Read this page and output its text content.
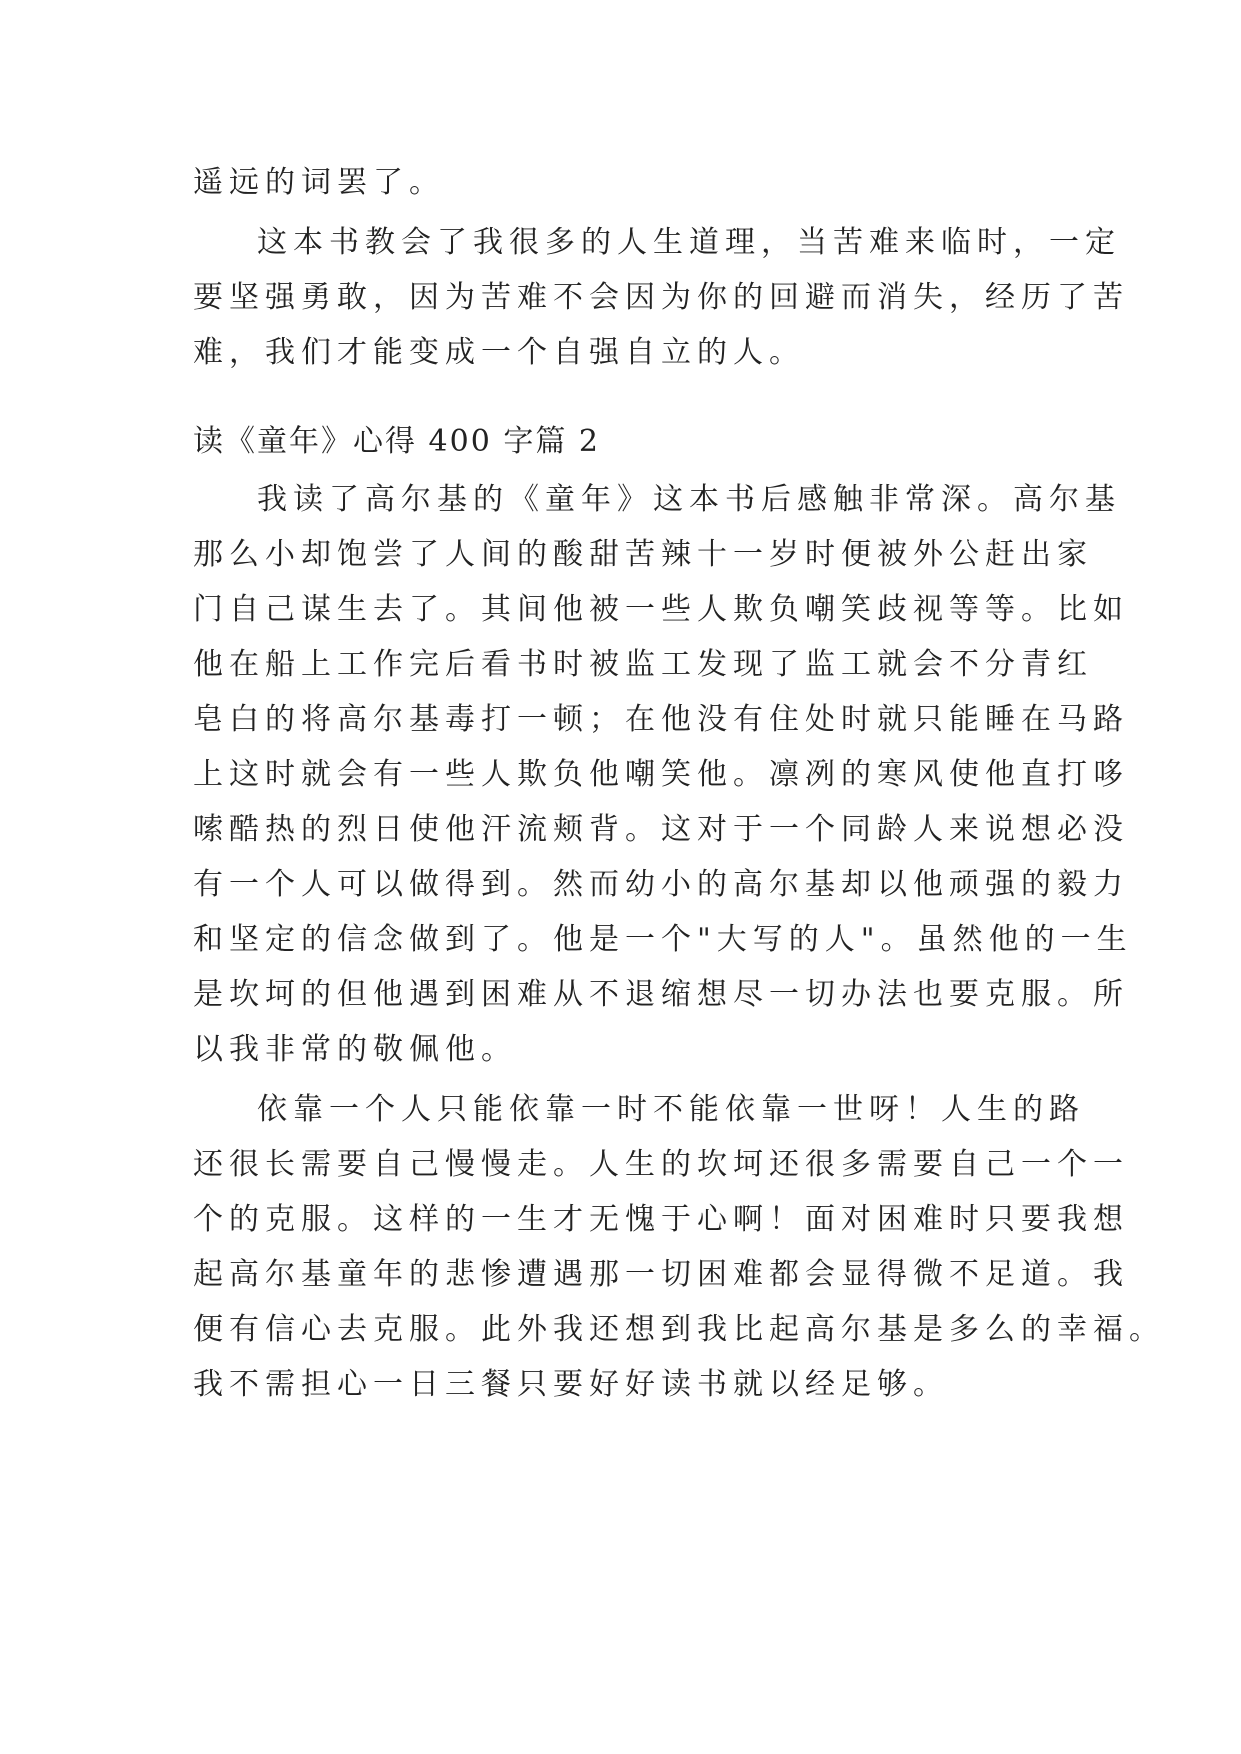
遥远的词罢了。
这本书教会了我很多的人生道理，当苦难来临时，一定
要坚强勇敢，因为苦难不会因为你的回避而消失，经历了苦
难，我们才能变成一个自强自立的人。
读《童年》心得 400 字篇 2
我读了高尔基的《童年》这本书后感触非常深。高尔基
那么小却饱尝了人间的酸甜苦辣十一岁时便被外公赶出家
门自己谋生去了。其间他被一些人欺负嘲笑歧视等等。比如
他在船上工作完后看书时被监工发现了监工就会不分青红
皂白的将高尔基毒打一顿；在他没有住处时就只能睡在马路
上这时就会有一些人欺负他嘲笑他。凛冽的寒风使他直打哆
嗦酷热的烈日使他汗流颊背。这对于一个同龄人来说想必没
有一个人可以做得到。然而幼小的高尔基却以他顽强的毅力
和坚定的信念做到了。他是一个"大写的人"。虽然他的一生
是坎坷的但他遇到困难从不退缩想尽一切办法也要克服。所
以我非常的敬佩他。
依靠一个人只能依靠一时不能依靠一世呀！人生的路
还很长需要自己慢慢走。人生的坎坷还很多需要自己一个一
个的克服。这样的一生才无愧于心啊！面对困难时只要我想
起高尔基童年的悲惨遭遇那一切困难都会显得微不足道。我
便有信心去克服。此外我还想到我比起高尔基是多么的幸福。
我不需担心一日三餐只要好好读书就以经足够。
